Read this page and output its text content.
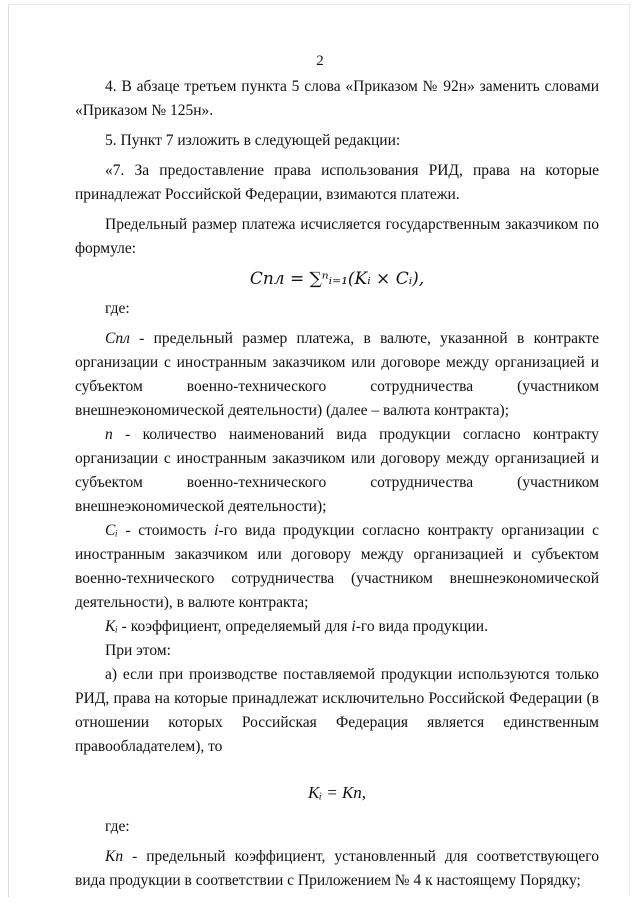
2

4. В абзаце третьем пункта 5 слова «Приказом № 92н» заменить словами «Приказом № 125н».

5. Пункт 7 изложить в следующей редакции:

«7. За предоставление права использования РИД, права на которые принадлежат Российской Федерации, взимаются платежи.

Предельный размер платежа исчисляется государственным заказчиком по формуле:

Cпл = ∑ⁿᵢ₌₁(Kᵢ × Cᵢ),

где:

Cпл - предельный размер платежа, в валюте, указанной в контракте организации с иностранным заказчиком или договоре между организацией и субъектом военно-технического сотрудничества (участником внешнеэкономической деятельности) (далее – валюта контракта);

n - количество наименований вида продукции согласно контракту организации с иностранным заказчиком или договору между организацией и субъектом военно-технического сотрудничества (участником внешнеэкономической деятельности);

Cᵢ - стоимость i-го вида продукции согласно контракту организации с иностранным заказчиком или договору между организацией и субъектом военно-технического сотрудничества (участником внешнеэкономической деятельности), в валюте контракта;

Kᵢ - коэффициент, определяемый для i-го вида продукции.

При этом:

а) если при производстве поставляемой продукции используются только РИД, права на которые принадлежат исключительно Российской Федерации (в отношении которых Российская Федерация является единственным правообладателем), то

Kᵢ = Kп,

где:

Kп - предельный коэффициент, установленный для соответствующего вида продукции в соответствии с Приложением № 4 к настоящему Порядку;
